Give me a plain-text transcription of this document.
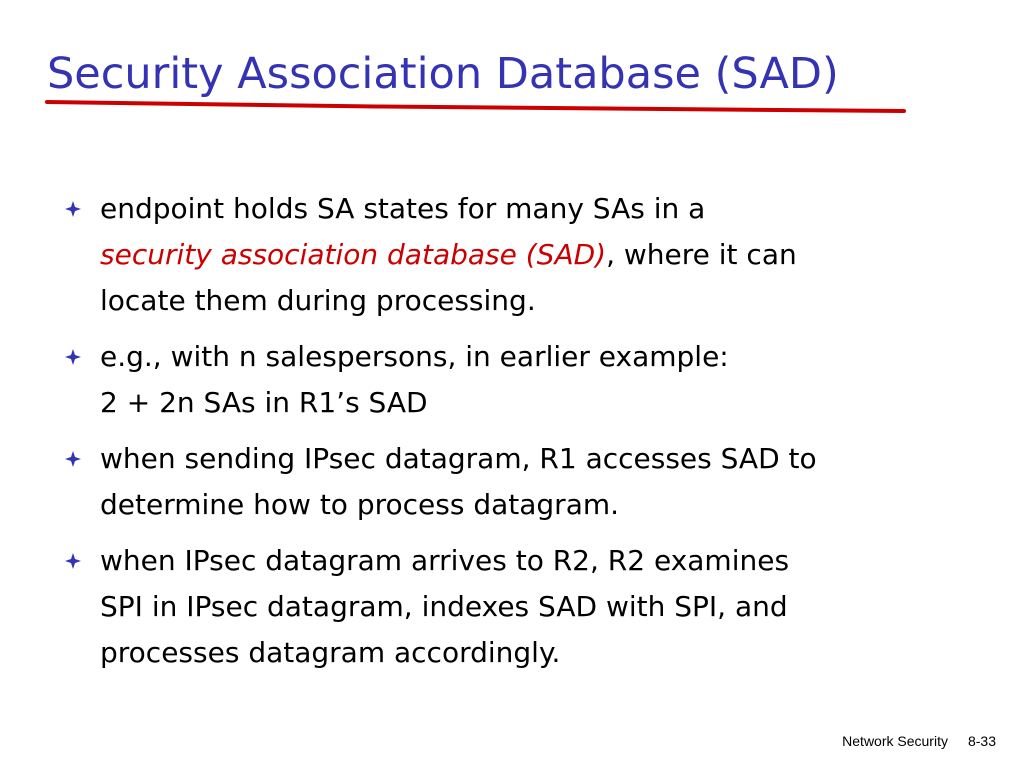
Security Association Database (SAD)
endpoint holds SA states for many SAs in a
security association database (SAD), where it can
locate them during processing.
e.g., with n salespersons, in earlier example:
2 + 2n SAs in R1’s SAD
when sending IPsec datagram, R1 accesses SAD to
determine how to process datagram.
when IPsec datagram arrives to R2, R2 examines
SPI in IPsec datagram, indexes SAD with SPI, and
processes datagram accordingly.
Network Security 8-33
